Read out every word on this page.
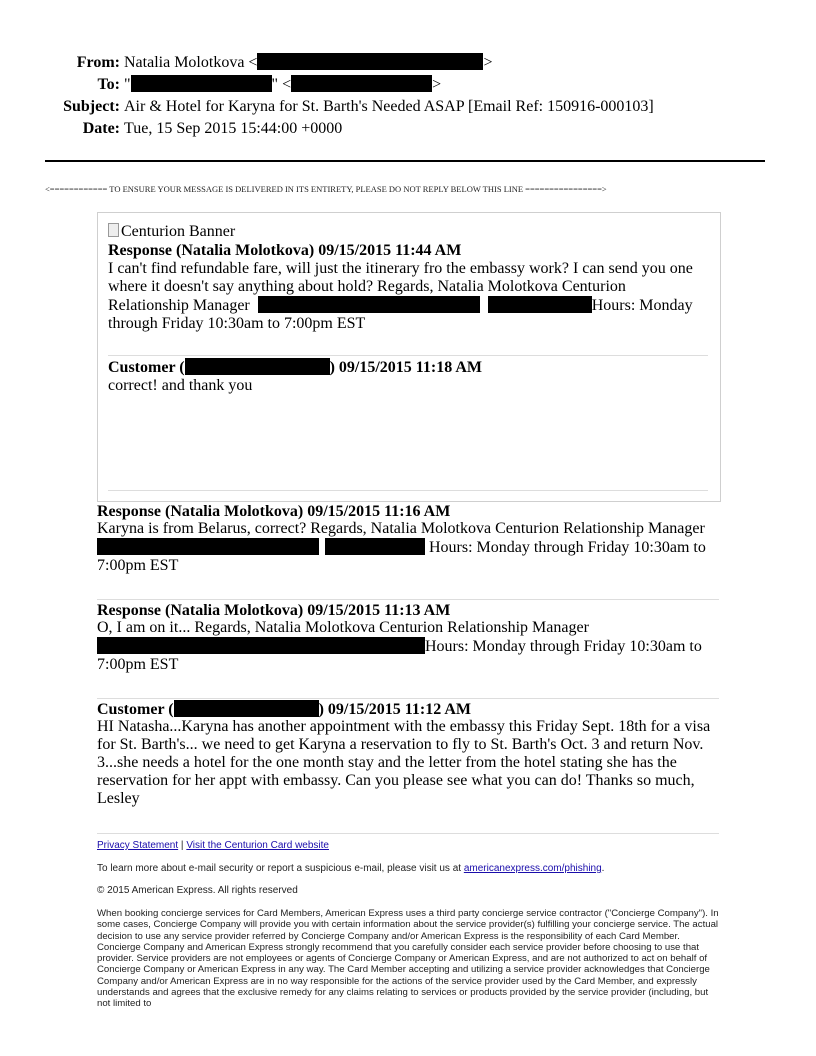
From: Natalia Molotkova <	>
To: "	" <	>
Subject: Air & Hotel for Karyna for St. Barth's Needed ASAP [Email Ref: 150916-000103]
Date: Tue, 15 Sep 2015 15:44:00 +0000
<============ TO ENSURE YOUR MESSAGE IS DELIVERED IN ITS ENTIRETY, PLEASE DO NOT REPLY BELOW THIS LINE ================>
Centurion Banner
Response (Natalia Molotkova) 09/15/2015 11:44 AM
I can't find refundable fare, will just the itinerary fro the embassy work? I can send you one
where it doesn't say anything about hold? Regards, Natalia Molotkova Centurion
Relationship Manager	Hours: Monday
through Friday 10:30am to 7:00pm EST
Customer (	) 09/15/2015 11:18 AM
correct! and thank you
Response (Natalia Molotkova) 09/15/2015 11:16 AM
Karyna is from Belarus, correct? Regards, Natalia Molotkova Centurion Relationship Manager
Hours: Monday through Friday 10:30am to
7:00pm EST
Response (Natalia Molotkova) 09/15/2015 11:13 AM
O, I am on it... Regards, Natalia Molotkova Centurion Relationship Manager
Hours: Monday through Friday 10:30am to
7:00pm EST
Customer (	) 09/15/2015 11:12 AM
HI Natasha...Karyna has another appointment with the embassy this Friday Sept. 18th for a visa
for St. Barth's... we need to get Karyna a reservation to fly to St. Barth's Oct. 3 and return Nov.
3...she needs a hotel for the one month stay and the letter from the hotel stating she has the
reservation for her appt with embassy. Can you please see what you can do! Thanks so much,
Lesley
Privacy Statement | Visit the Centurion Card website
To learn more about e-mail security or report a suspicious e-mail, please visit us at americanexpress.com/phishing.
© 2015 American Express. All rights reserved
When booking concierge services for Card Members, American Express uses a third party concierge service contractor ("Concierge Company"). In some cases, Concierge Company will provide you with certain information about the service provider(s) fulfilling your concierge service. The actual decision to use any service provider referred by Concierge Company and/or American Express is the responsibility of each Card Member. Concierge Company and American Express strongly recommend that you carefully consider each service provider before choosing to use that provider. Service providers are not employees or agents of Concierge Company or American Express, and are not authorized to act on behalf of Concierge Company or American Express in any way. The Card Member accepting and utilizing a service provider acknowledges that Concierge Company and/or American Express are in no way responsible for the actions of the service provider used by the Card Member, and expressly understands and agrees that the exclusive remedy for any claims relating to services or products provided by the service provider (including, but not limited to
